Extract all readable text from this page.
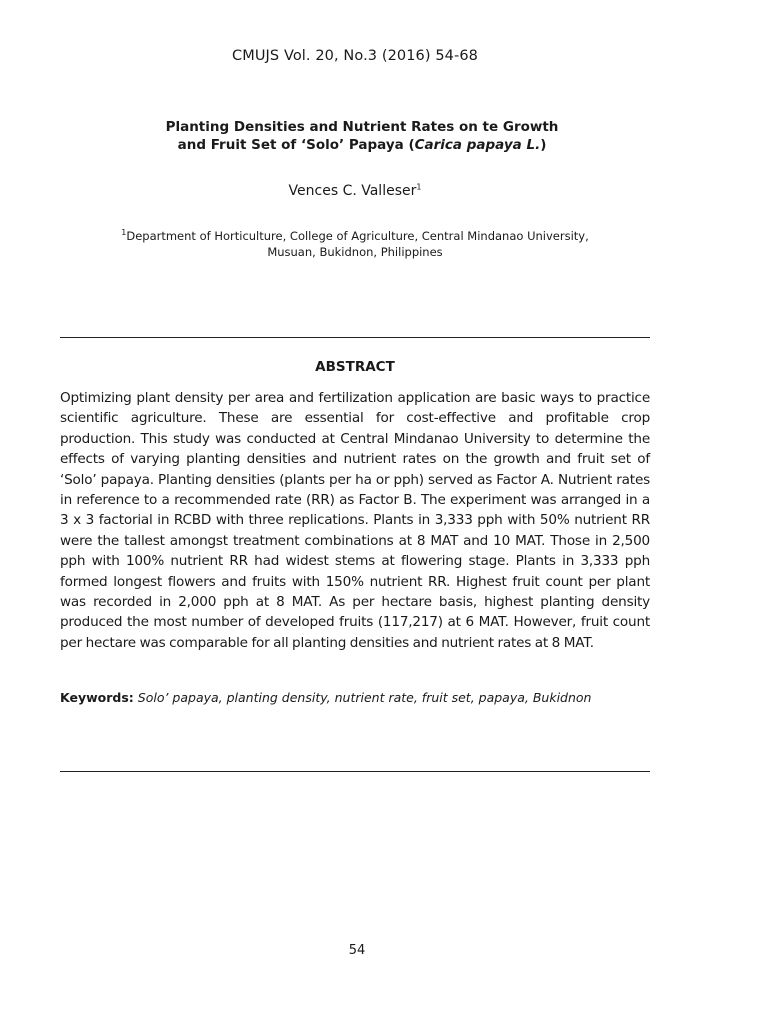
CMUJS Vol. 20, No.3 (2016) 54-68
Planting Densities and Nutrient Rates on te Growth
and Fruit Set of ‘Solo’ Papaya (Carica papaya L.)
Vences C. Valleser$^1$
$^1$Department of Horticulture, College of Agriculture, Central Mindanao University,
Musuan, Bukidnon, Philippines
ABSTRACT
Optimizing plant density per area and fertilization application are basic ways to practice scientific agriculture. These are essential for cost-effective and profitable crop production. This study was conducted at Central Mindanao University to determine the effects of varying planting densities and nutrient rates on the growth and fruit set of ‘Solo’ papaya. Planting densities (plants per ha or pph) served as Factor A. Nutrient rates in reference to a recommended rate (RR) as Factor B. The experiment was arranged in a 3 x 3 factorial in RCBD with three replications. Plants in 3,333 pph with 50% nutrient RR were the tallest amongst treatment combinations at 8 MAT and 10 MAT. Those in 2,500 pph with 100% nutrient RR had widest stems at flowering stage. Plants in 3,333 pph formed longest flowers and fruits with 150% nutrient RR. Highest fruit count per plant was recorded in 2,000 pph at 8 MAT. As per hectare basis, highest planting density produced the most number of developed fruits (117,217) at 6 MAT. However, fruit count per hectare was comparable for all planting densities and nutrient rates at 8 MAT.
Keywords: Solo’ papaya, planting density, nutrient rate, fruit set, papaya, Bukidnon
54
